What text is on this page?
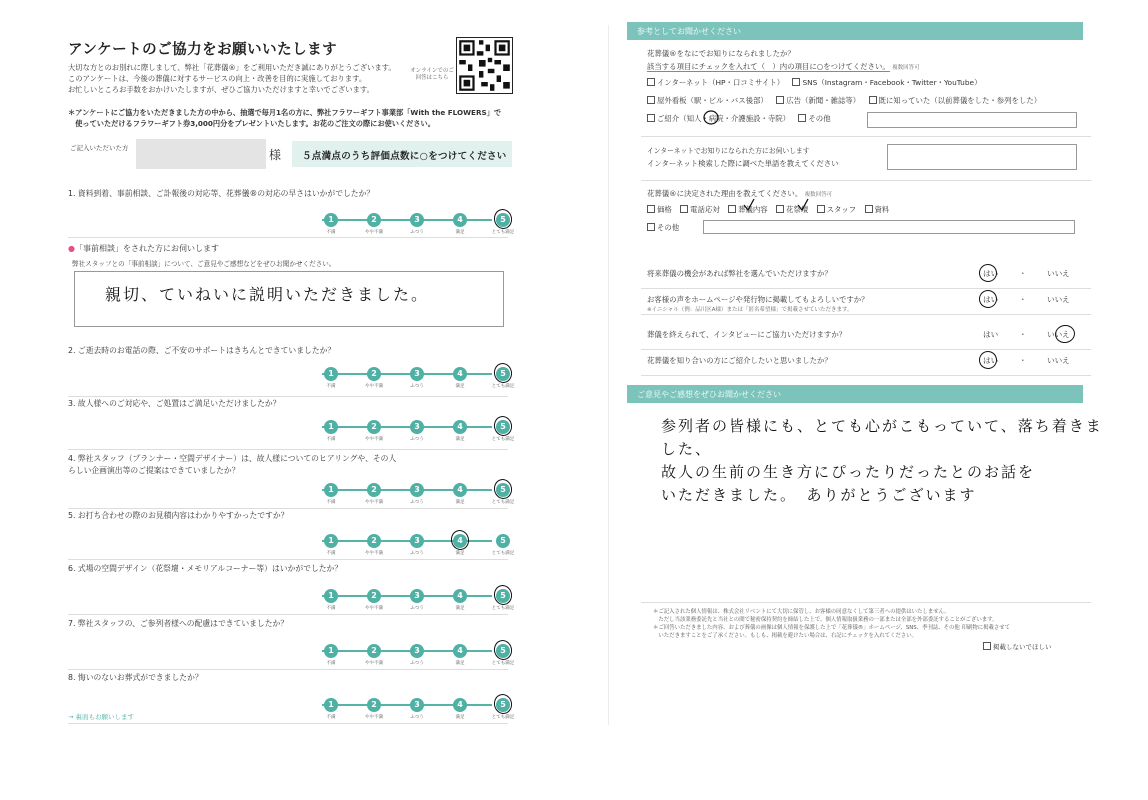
アンケートのご協力をお願いいたします

大切な方とのお別れに際しまして、弊社「花葬儀®」をご利用いただき誠にありがとうございます。

このアンケートは、今後の葬儀に対するサービスの向上・改善を目的に実施しております。

お忙しいところお手数をおかけいたしますが、ぜひご協力いただけますと幸いでございます。

オンラインでのご回答はこちら
＊アンケートにご協力をいただきました方の中から、抽選で毎月1名の方に、弊社フラワーギフト事業部「With the FLOWERS」で
　使っていただけるフラワーギフト券3,000円分をプレゼントいたします。お花のご注文の際にお使いください。
ご記入いただいた方	様	５点満点のうち評価点数に○をつけてください
●「事前相談」をされた方にお伺いします
弊社スタッフとの「事前相談」について、ご意見やご感想などをぜひお聞かせください。
親切、ていねいに説明いただきました。
→ 裏面もお願いします
1. 資料到着、事前相談、ご訃報後の対応等、花葬儀®の対応の早さはいかがでしたか？
1
不満
2
やや不満
3
ふつう
4
満足
5
とても満足
2. ご逝去時のお電話の際、ご不安のサポートはきちんとできていましたか？
1
不満
2
やや不満
3
ふつう
4
満足
5
とても満足
3. 故人様へのご対応や、ご処置はご満足いただけましたか？
1
不満
2
やや不満
3
ふつう
4
満足
5
とても満足
4. 弊社スタッフ（プランナー・空間デザイナー）は、故人様についてのヒアリングや、その人らしい企画演出等のご提案はできていましたか？
1
不満
2
やや不満
3
ふつう
4
満足
5
とても満足
5. お打ち合わせの際のお見積内容はわかりやすかったですか？
1
不満
2
やや不満
3
ふつう
4
満足
5
とても満足
6. 式場の空間デザイン（花祭壇・メモリアルコーナー等）はいかがでしたか？
1
不満
2
やや不満
3
ふつう
4
満足
5
とても満足
7. 弊社スタッフの、ご参列者様への配慮はできていましたか？
1
不満
2
やや不満
3
ふつう
4
満足
5
とても満足
8. 悔いのないお葬式ができましたか？
1
不満
2
やや不満
3
ふつう
4
満足
5
とても満足
参考としてお聞かせください
花葬儀®をなにでお知りになられましたか？
該当する項目にチェックを入れて（　）内の項目に○をつけてください。 複数回答可
インターネット（HP・口コミサイト） SNS（Instagram・Facebook・Twitter・YouTube）
屋外看板（駅・ビル・バス後部） 広告（新聞・雑誌等） 既に知っていた（以前葬儀をした・参列をした）
ご紹介（知人・病院・介護施設・寺院） その他
インターネットでお知りになられた方にお伺いします
インターネット検索した際に調べた単語を教えてください
花葬儀®に決定された理由を教えてください。 複数回答可
価格 電話応対 葬儀内容 花祭壇 スタッフ 資料
その他
ご意見やご感想をぜひお聞かせください
参列者の皆様にも、とても心がこもっていて、落ち着きました、
故人の生前の生き方にぴったりだったとのお話を
いただきました。　ありがとうございます
＊ご記入された個人情報は、株式会社リベントにて大切に保管し、お客様の同意なくして第三者への提供はいたしません。
　ただし当該業務委託先と当社との間で秘密保持契約を締結した上で、個人情報取扱業務の一部または全部を外部委託することがございます。
＊ご回答いただきました内容、および葬儀の画像は個人情報を保護した上で「花葬儀®」ホームページ、SNS、季刊誌、その他 印刷物に掲載させて
　いただきますことをご了承ください。もしも、掲載を避けたい場合は、右記にチェックを入れてください。
掲載しないでほしい
将来葬儀の機会があれば弊社を選んでいただけますか？	はい	・	いいえ
お客様の声をホームページや発行物に掲載してもよろしいですか？
※イニシャル（例：品川区A様）または「匿名希望様」で掲載させていただきます。
はい	・	いいえ
葬儀を終えられて、インタビューにご協力いただけますか？	はい	・	いいえ
花葬儀を知り合いの方にご紹介したいと思いましたか？	はい	・	いいえ
